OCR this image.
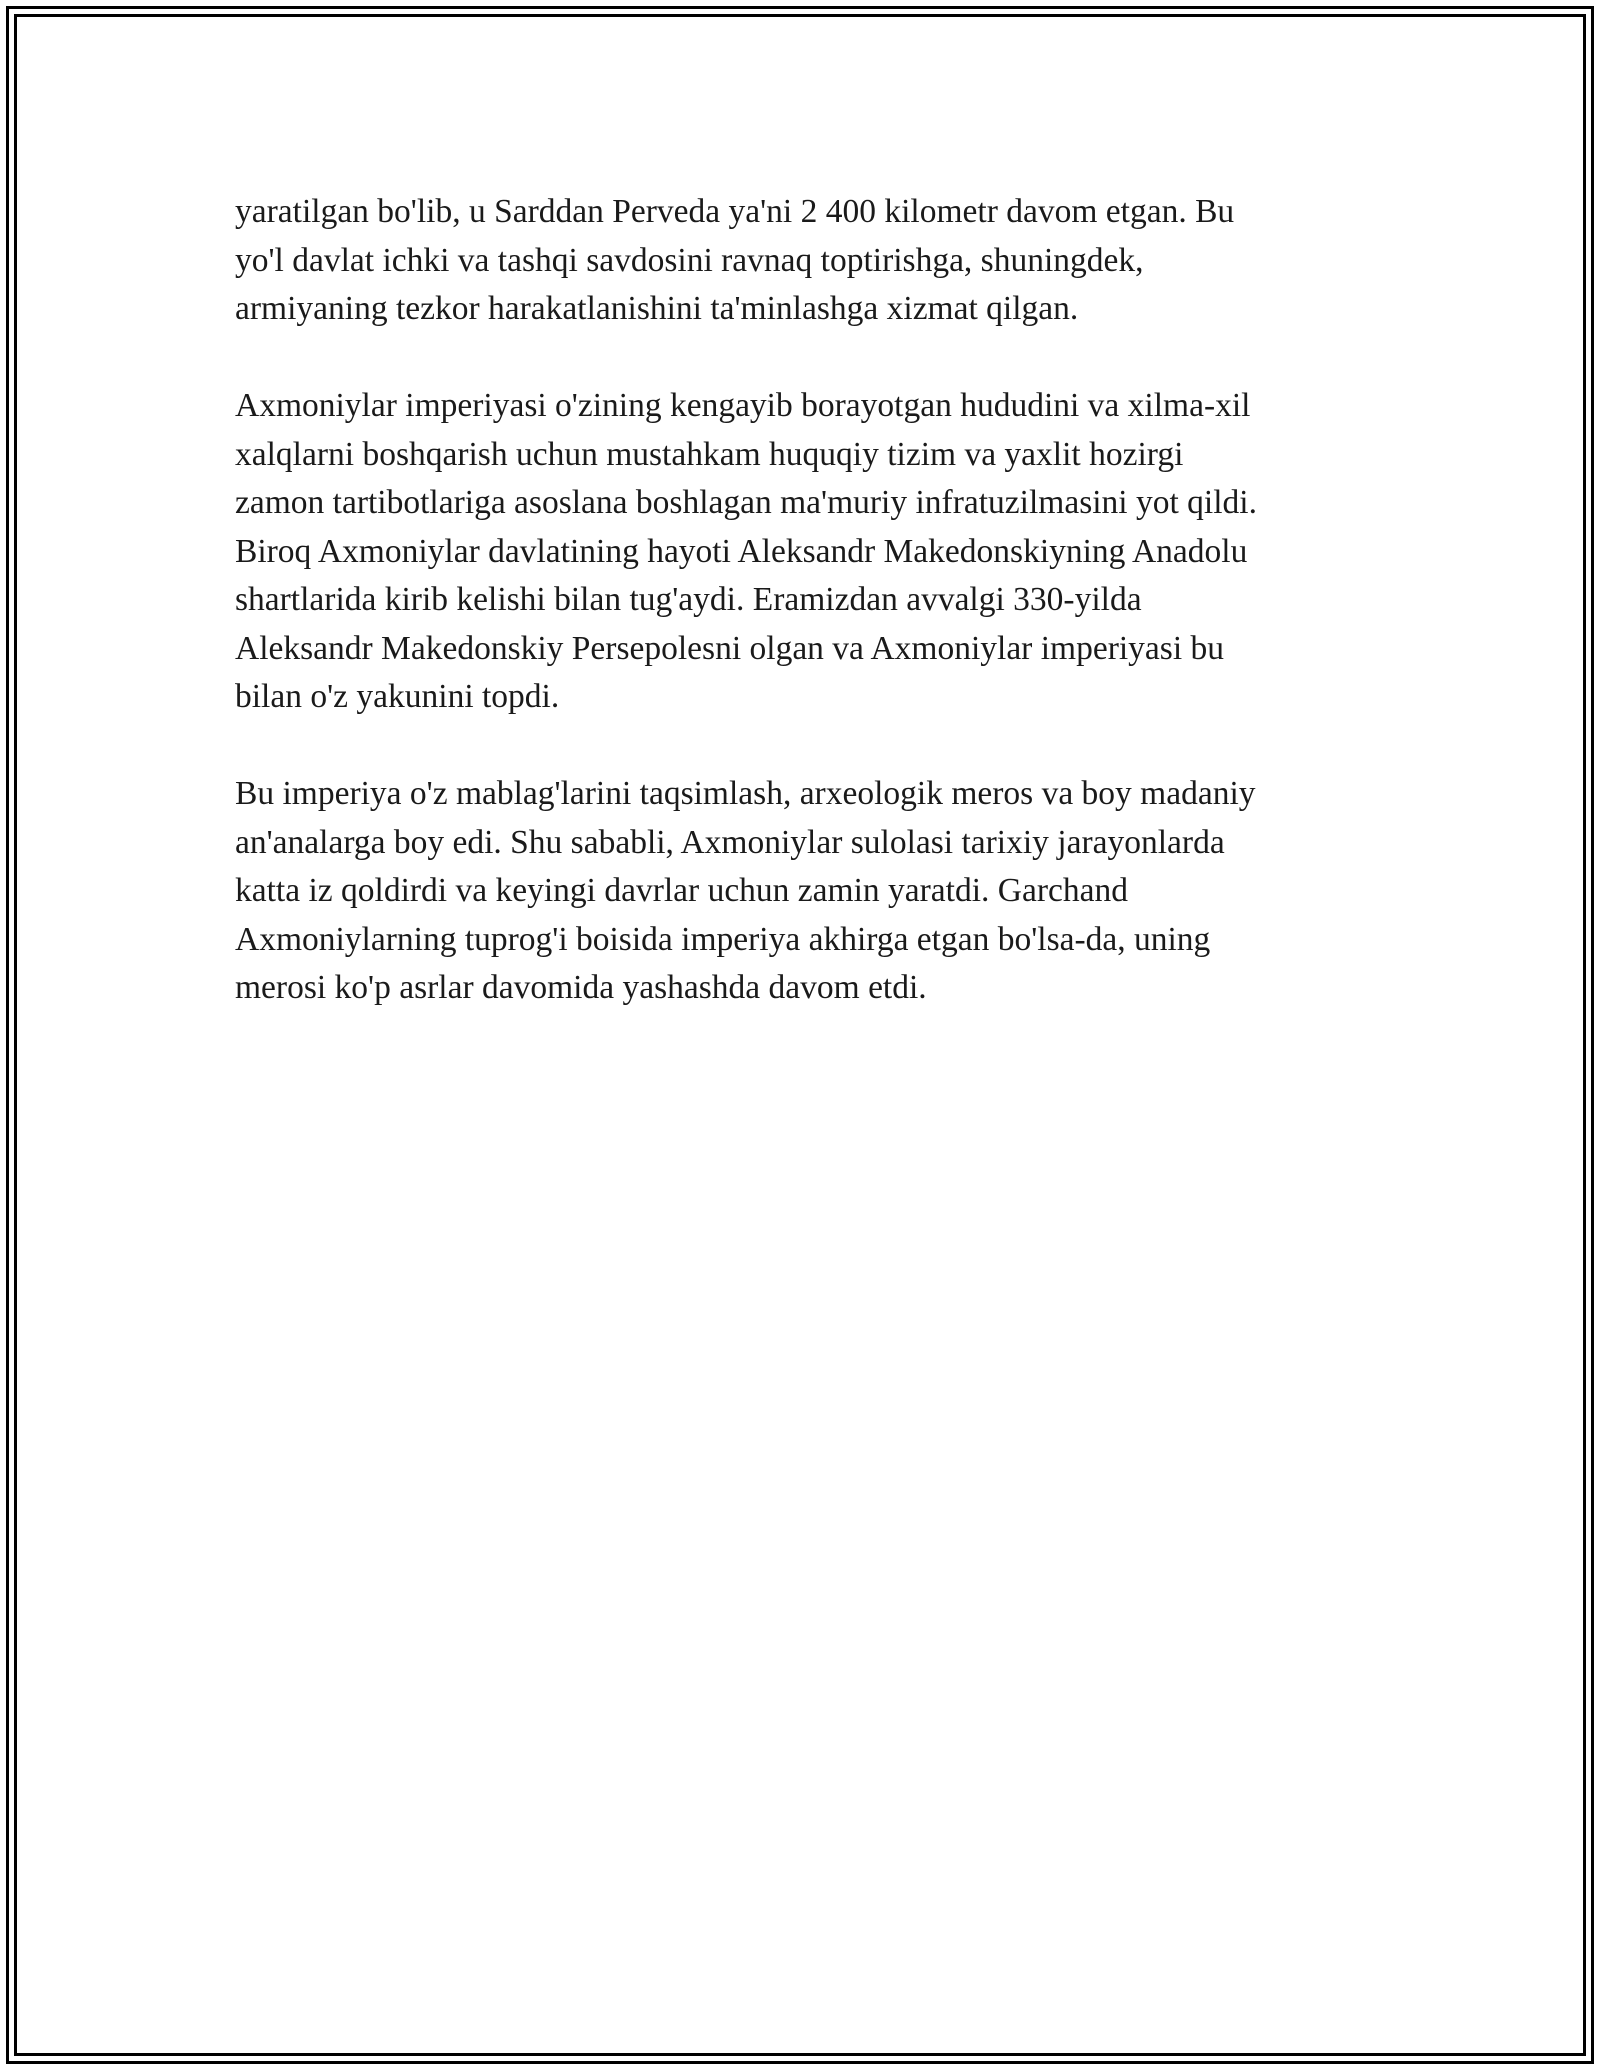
yaratilgan bo'lib, u Sarddan Perveda ya'ni 2 400 kilometr davom etgan. Bu
yo'l davlat ichki va tashqi savdosini ravnaq toptirishga, shuningdek,
armiyaning tezkor harakatlanishini ta'minlashga xizmat qilgan.

Axmoniylar imperiyasi o'zining kengayib borayotgan hududini va xilma-xil
xalqlarni boshqarish uchun mustahkam huquqiy tizim va yaxlit hozirgi
zamon tartibotlariga asoslana boshlagan ma'muriy infratuzilmasini yot qildi.
Biroq Axmoniylar davlatining hayoti Aleksandr Makedonskiyning Anadolu
shartlarida kirib kelishi bilan tug'aydi. Eramizdan avvalgi 330-yilda
Aleksandr Makedonskiy Persepolesni olgan va Axmoniylar imperiyasi bu
bilan o'z yakunini topdi.

Bu imperiya o'z mablag'larini taqsimlash, arxeologik meros va boy madaniy
an'analarga boy edi. Shu sababli, Axmoniylar sulolasi tarixiy jarayonlarda
katta iz qoldirdi va keyingi davrlar uchun zamin yaratdi. Garchand
Axmoniylarning tuprog'i boisida imperiya akhirga etgan bo'lsa-da, uning
merosi ko'p asrlar davomida yashashda davom etdi.
